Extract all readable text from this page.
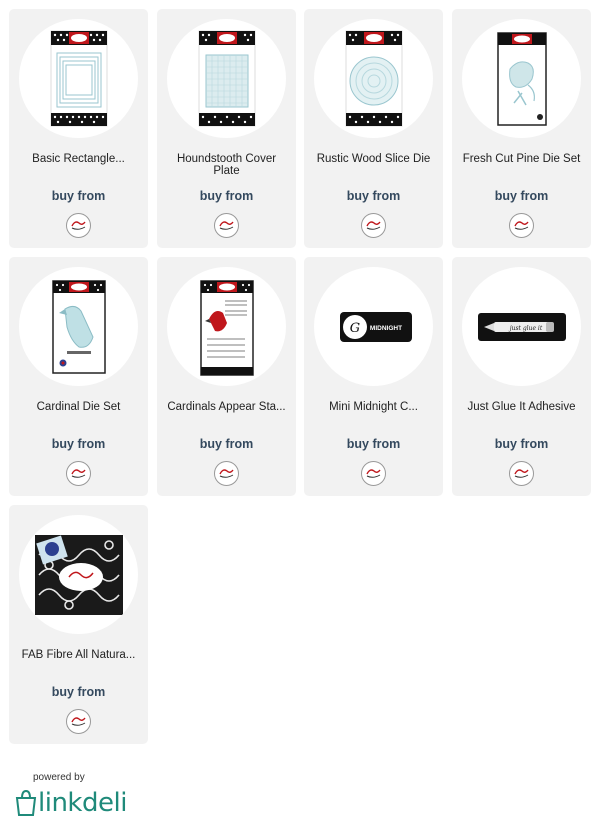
Basic Rectangle...
buy from
Houndstooth Cover Plate
buy from
Rustic Wood Slice Die
buy from
Fresh Cut Pine Die Set
buy from
Cardinal Die Set
buy from
Cardinals Appear Sta...
buy from
G MIDNIGHT
Mini Midnight C...
buy from
just glue it
Just Glue It Adhesive
buy from
FAB Fibre All Natura...
buy from
powered by
linkdeli
